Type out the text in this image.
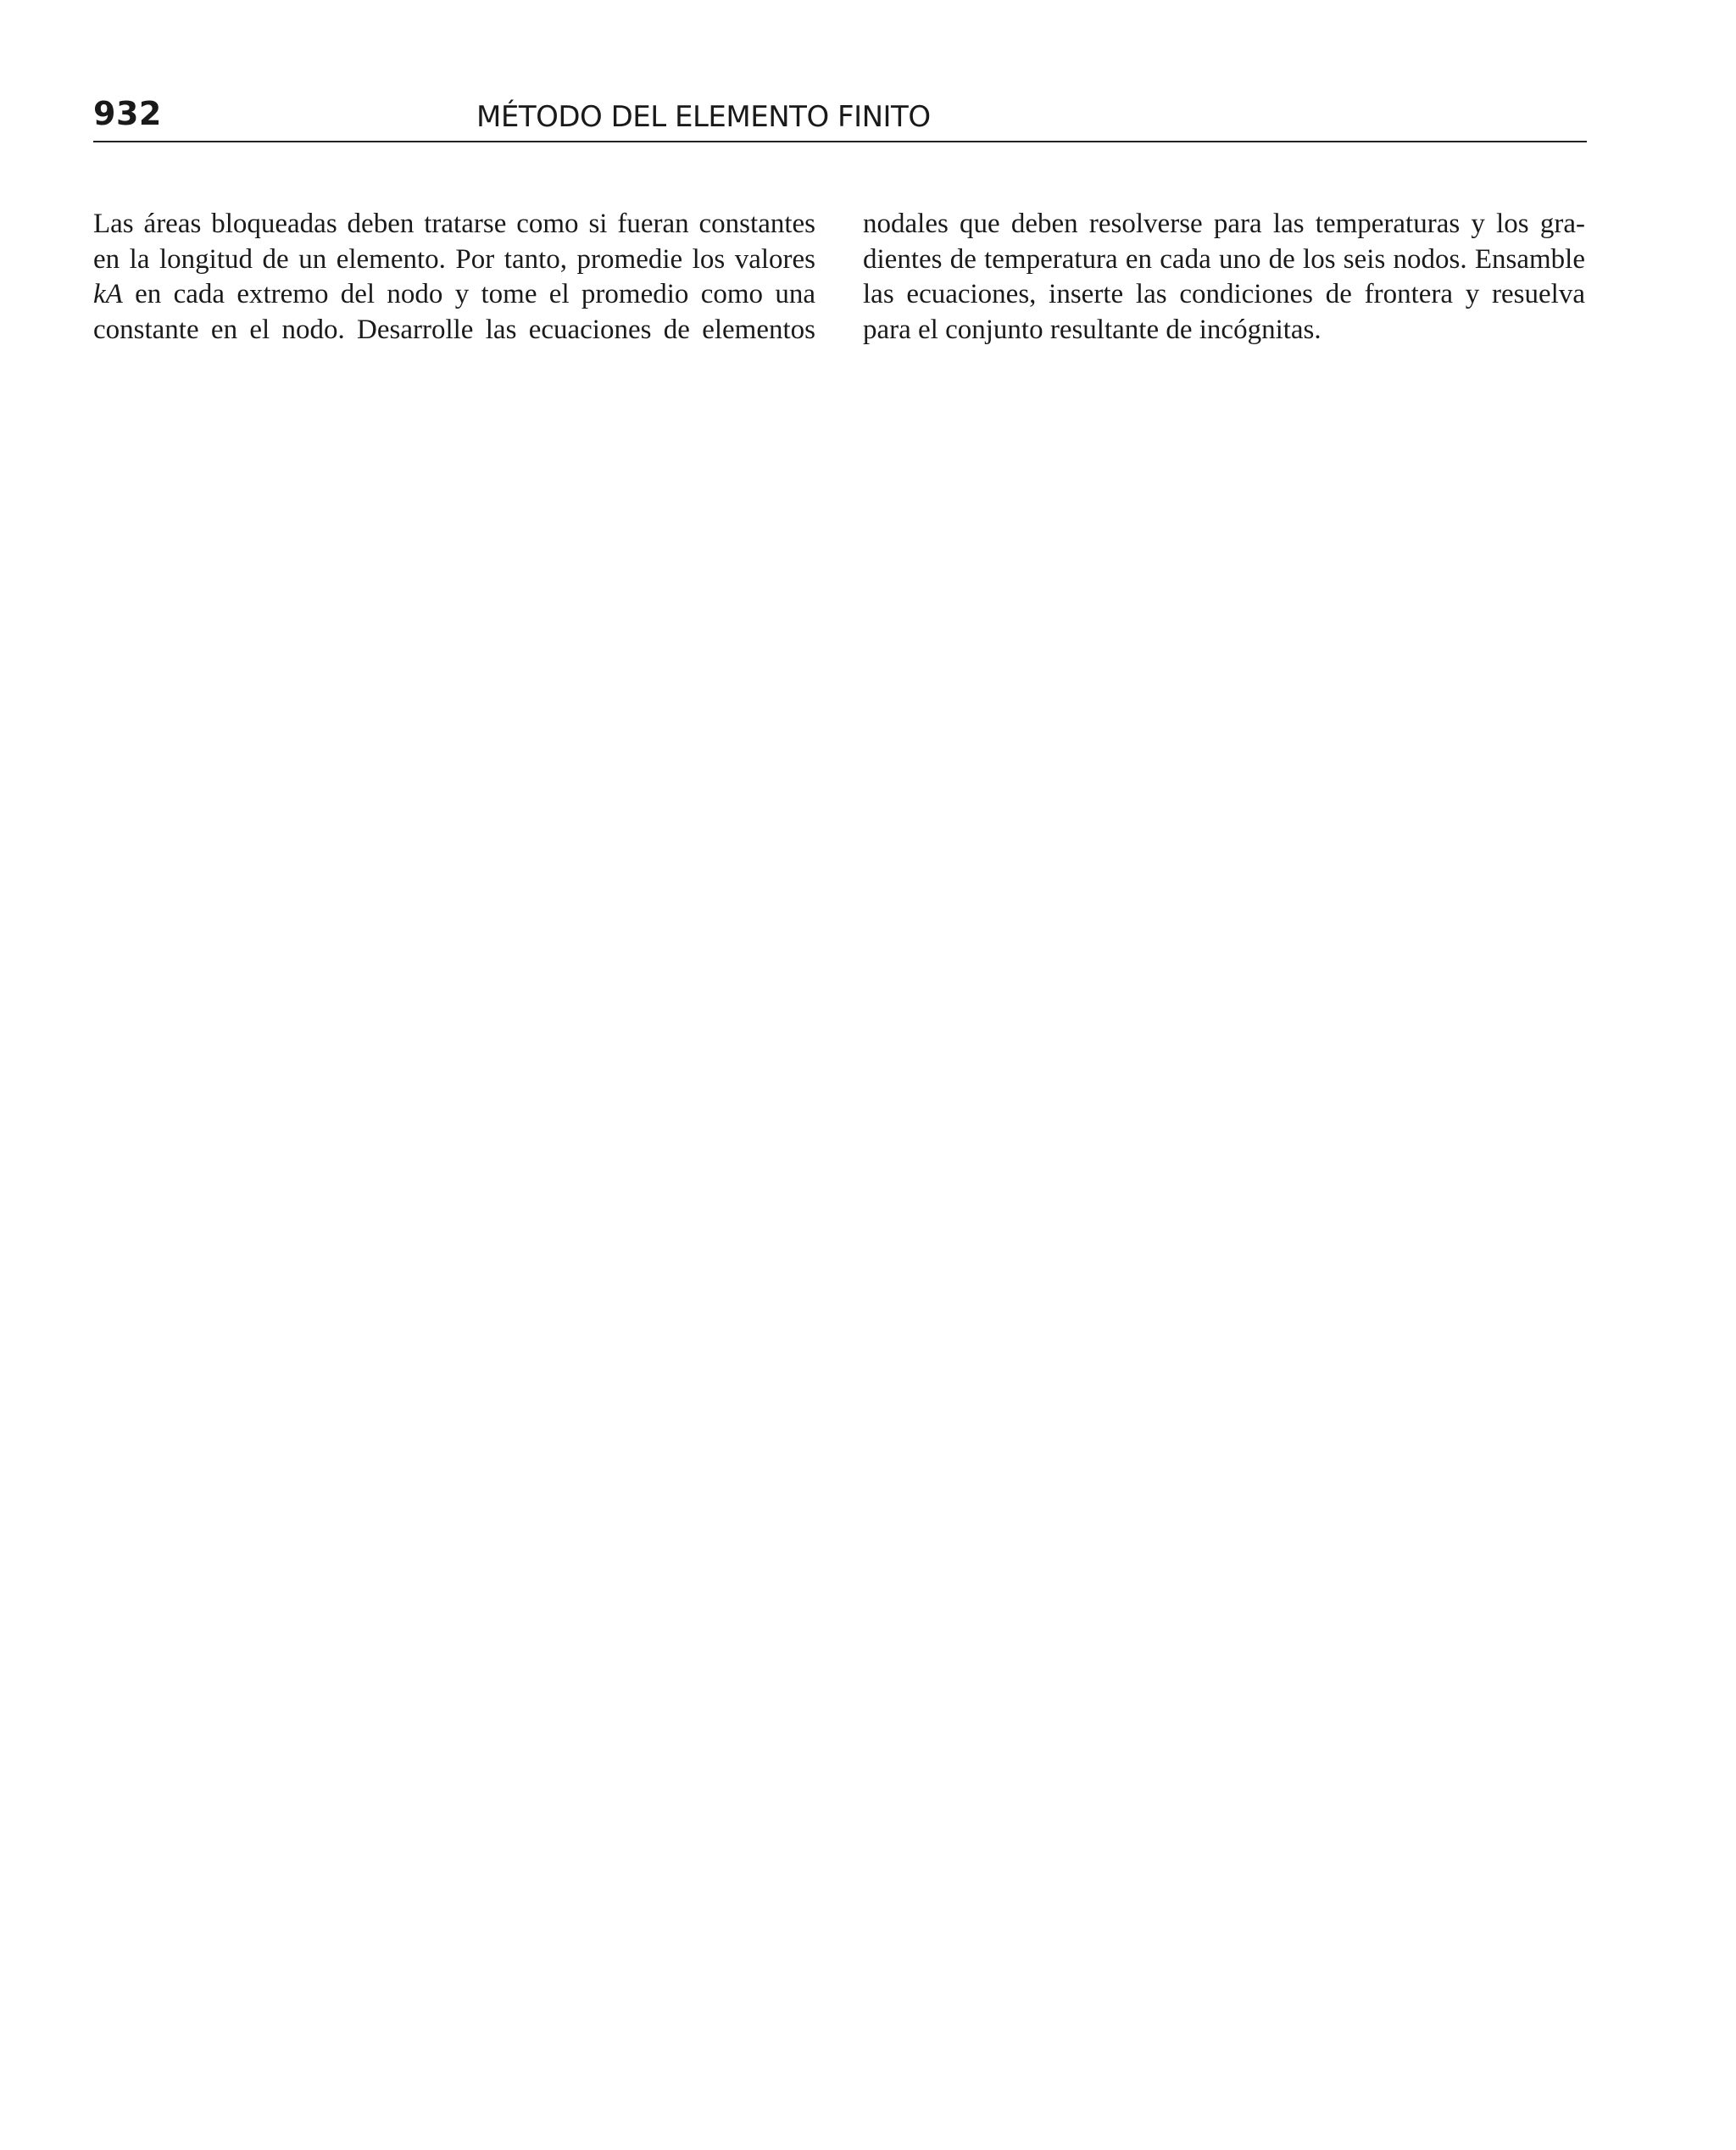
932	MÉTODO DEL ELEMENTO FINITO
Las áreas bloqueadas deben tratarse como si fueran constantes
en la longitud de un elemento. Por tanto, promedie los valores
kA en cada extremo del nodo y tome el promedio como una
constante en el nodo. Desarrolle las ecuaciones de elementos
nodales que deben resolverse para las temperaturas y los gra-
dientes de temperatura en cada uno de los seis nodos. Ensamble
las ecuaciones, inserte las condiciones de frontera y resuelva
para el conjunto resultante de incógnitas.
